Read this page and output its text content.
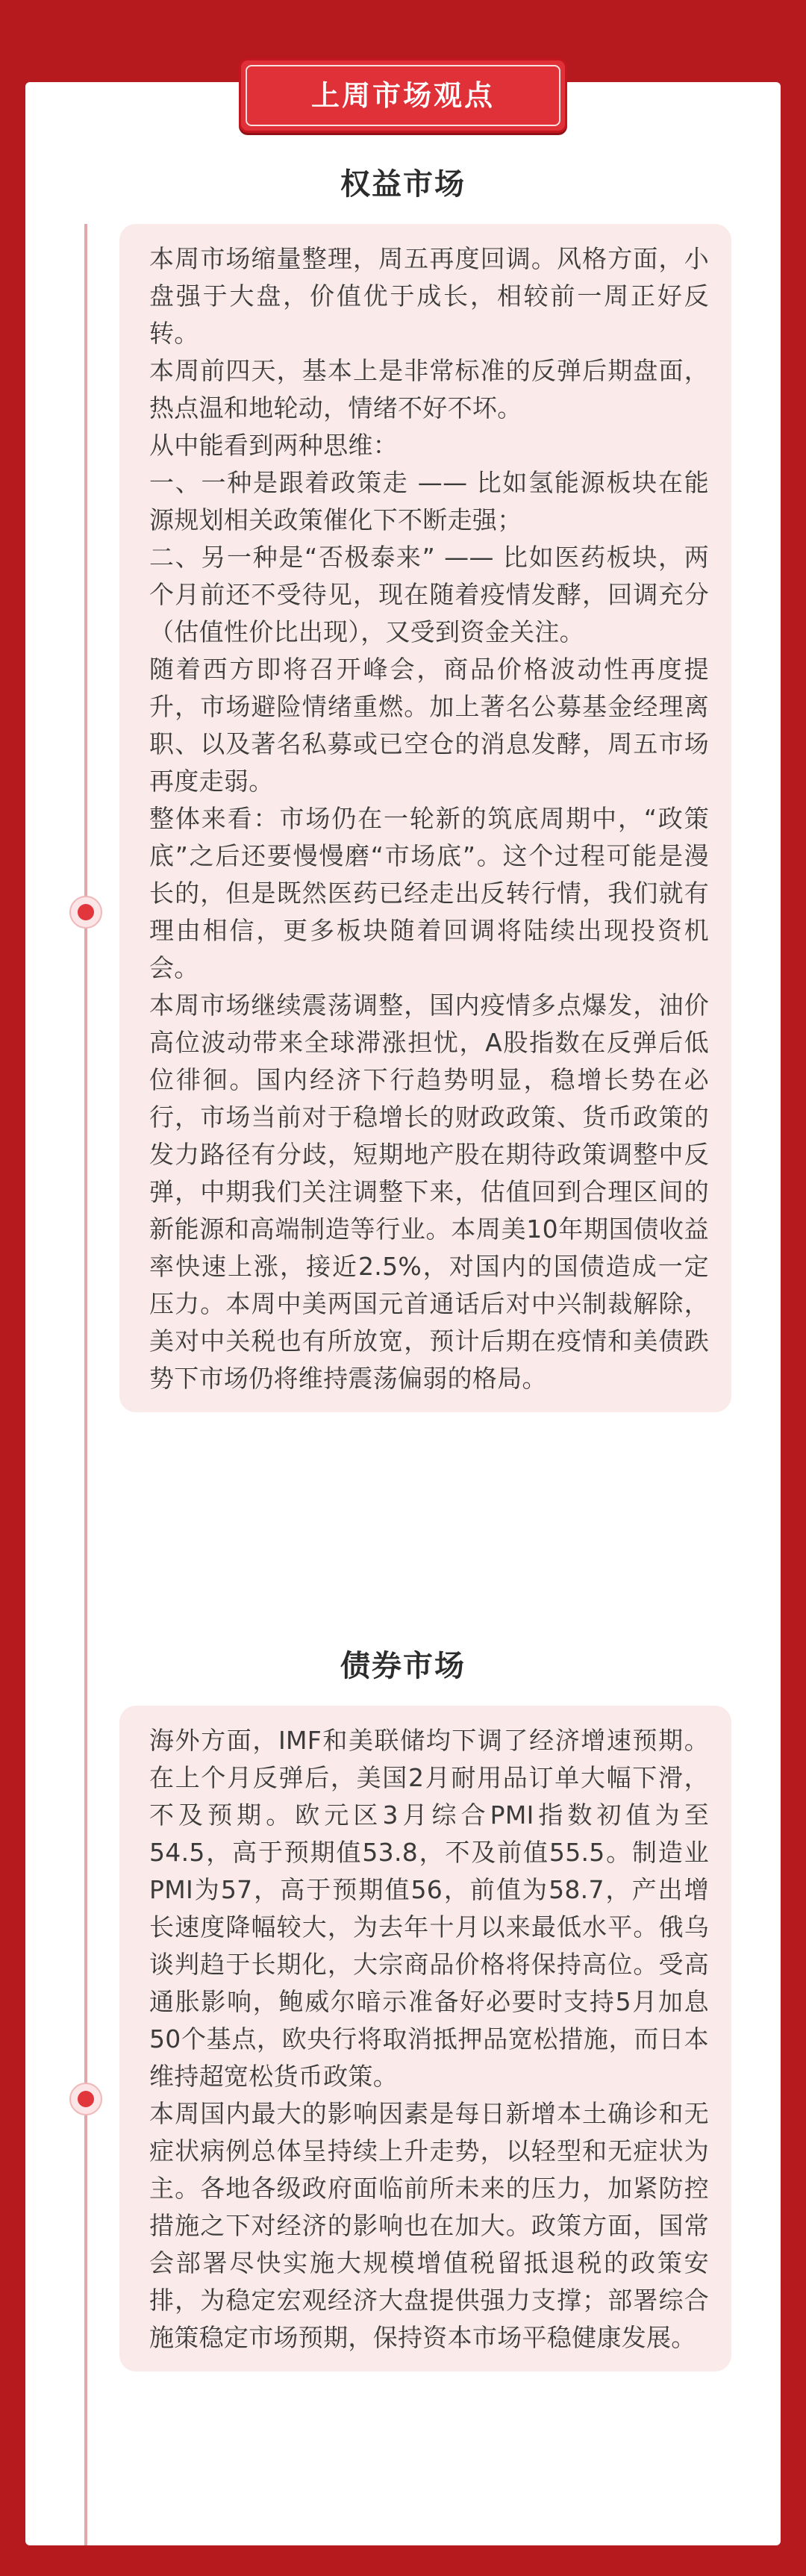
上周市场观点
权益市场

本周市场缩量整理，周五再度回调。风格方面，小盘强于大盘，价值优于成长，相较前一周正好反转。

本周前四天，基本上是非常标准的反弹后期盘面，热点温和地轮动，情绪不好不坏。

从中能看到两种思维：

一、一种是跟着政策走 —— 比如氢能源板块在能源规划相关政策催化下不断走强；

二、另一种是“否极泰来” —— 比如医药板块，两个月前还不受待见，现在随着疫情发酵，回调充分（估值性价比出现），又受到资金关注。

随着西方即将召开峰会，商品价格波动性再度提升，市场避险情绪重燃。加上著名公募基金经理离职、以及著名私募或已空仓的消息发酵，周五市场再度走弱。

整体来看：市场仍在一轮新的筑底周期中，“政策底”之后还要慢慢磨“市场底”。这个过程可能是漫长的，但是既然医药已经走出反转行情，我们就有理由相信，更多板块随着回调将陆续出现投资机会。

本周市场继续震荡调整，国内疫情多点爆发，油价高位波动带来全球滞涨担忧，A股指数在反弹后低位徘徊。国内经济下行趋势明显，稳增长势在必行，市场当前对于稳增长的财政政策、货币政策的发力路径有分歧，短期地产股在期待政策调整中反弹，中期我们关注调整下来，估值回到合理区间的新能源和高端制造等行业。本周美10年期国债收益率快速上涨，接近2.5%，对国内的国债造成一定压力。本周中美两国元首通话后对中兴制裁解除，美对中关税也有所放宽，预计后期在疫情和美债跌势下市场仍将维持震荡偏弱的格局。

债券市场

海外方面，IMF和美联储均下调了经济增速预期。在上个月反弹后，美国2月耐用品订单大幅下滑，不及预期。欧元区3月综合PMI指数初值为至54.5，高于预期值53.8，不及前值55.5。制造业PMI为57，高于预期值56，前值为58.7，产出增长速度降幅较大，为去年十月以来最低水平。俄乌谈判趋于长期化，大宗商品价格将保持高位。受高通胀影响，鲍威尔暗示准备好必要时支持5月加息50个基点，欧央行将取消抵押品宽松措施，而日本维持超宽松货币政策。

本周国内最大的影响因素是每日新增本土确诊和无症状病例总体呈持续上升走势，以轻型和无症状为主。各地各级政府面临前所未来的压力，加紧防控措施之下对经济的影响也在加大。政策方面，国常会部署尽快实施大规模增值税留抵退税的政策安排，为稳定宏观经济大盘提供强力支撑；部署综合施策稳定市场预期，保持资本市场平稳健康发展。
